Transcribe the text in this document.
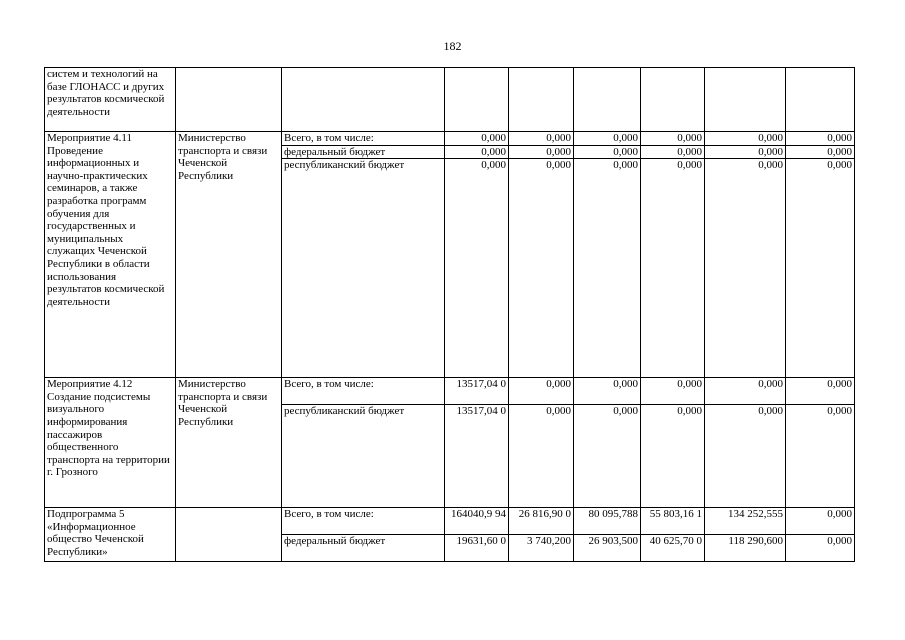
182
систем и технологий на базе ГЛОНАСС и других результатов космической деятельности								
Мероприятие 4.11 Проведение информационных и научно-практических семинаров, а также разработка программ обучения для государственных и муниципальных служащих Чеченской Республики в области использования результатов космической деятельности	Министерство транспорта и связи Чеченской Республики	Всего, в том числе:	0,000	0,000	0,000	0,000	0,000	0,000
		федеральный бюджет	0,000	0,000	0,000	0,000	0,000	0,000
		республиканский бюджет	0,000	0,000	0,000	0,000	0,000	0,000
Мероприятие 4.12 Создание подсистемы визуального информирования пассажиров общественного транспорта на территории г. Грозного	Министерство транспорта и связи Чеченской Республики	Всего, в том числе:	13517,04 0	0,000	0,000	0,000	0,000	0,000
		республиканский бюджет	13517,04 0	0,000	0,000	0,000	0,000	0,000
Подпрограмма 5 «Информационное общество Чеченской Республики»		Всего, в том числе:	164040,9 94	26 816,90 0	80 095,788	55 803,16 1	134 252,555	0,000
		федеральный бюджет	19631,60 0	3 740,200	26 903,500	40 625,70 0	118 290,600	0,000
